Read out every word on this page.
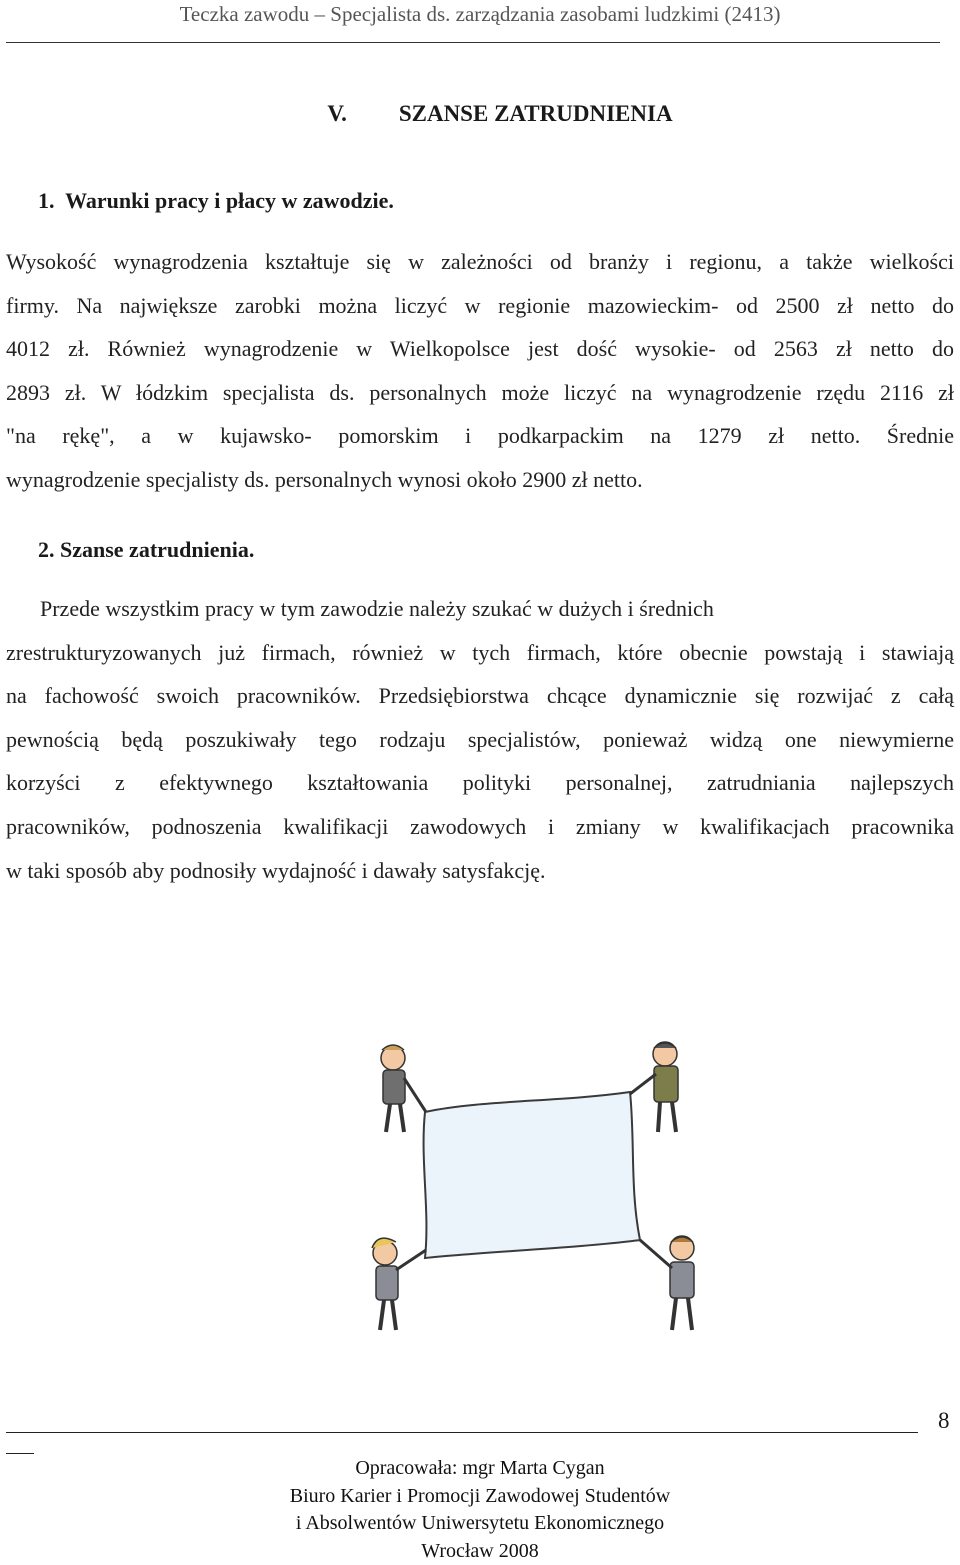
Teczka zawodu – Specjalista ds. zarządzania zasobami ludzkimi (2413)
V. SZANSE ZATRUDNIENIA
1.  Warunki pracy i płacy w zawodzie.
Wysokość wynagrodzenia kształtuje się w zależności od branży i regionu, a także wielkości
firmy. Na największe zarobki można liczyć w regionie mazowieckim- od 2500 zł netto do
4012 zł. Również wynagrodzenie w Wielkopolsce jest dość wysokie- od 2563 zł netto do
2893 zł. W łódzkim specjalista ds. personalnych może liczyć na wynagrodzenie rzędu 2116 zł
"na rękę", a w kujawsko- pomorskim i podkarpackim na 1279 zł netto. Średnie
wynagrodzenie specjalisty ds. personalnych wynosi około 2900 zł netto.
2. Szanse zatrudnienia.
Przede wszystkim pracy w tym zawodzie należy szukać w dużych i średnich
zrestrukturyzowanych już firmach, również w tych firmach, które obecnie powstają i stawiają
na fachowość swoich pracowników. Przedsiębiorstwa chcące dynamicznie się rozwijać z całą
pewnością będą poszukiwały tego rodzaju specjalistów, ponieważ widzą one niewymierne
korzyści z efektywnego kształtowania polityki personalnej, zatrudniania najlepszych
pracowników, podnoszenia kwalifikacji zawodowych i zmiany w kwalifikacjach pracownika
w taki sposób aby podnosiły wydajność i dawały satysfakcję.
8
Opracowała: mgr Marta Cygan
Biuro Karier i Promocji Zawodowej Studentów
i Absolwentów Uniwersytetu Ekonomicznego
Wrocław 2008
